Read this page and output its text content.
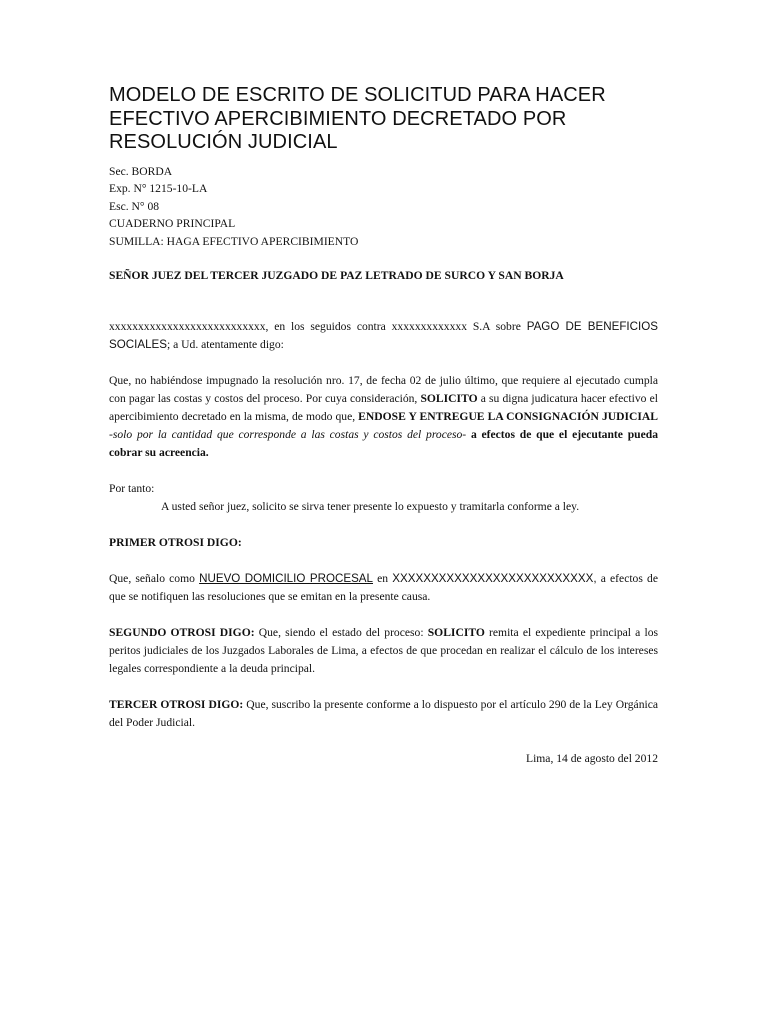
MODELO DE ESCRITO DE SOLICITUD PARA HACER EFECTIVO APERCIBIMIENTO DECRETADO POR RESOLUCIÓN JUDICIAL
Sec. BORDA
Exp. N° 1215-10-LA
Esc. N° 08
CUADERNO PRINCIPAL
SUMILLA: HAGA EFECTIVO APERCIBIMIENTO
SEÑOR JUEZ DEL TERCER JUZGADO DE PAZ LETRADO DE SURCO Y SAN BORJA

xxxxxxxxxxxxxxxxxxxxxxxxxxx, en los seguidos contra xxxxxxxxxxxxx S.A sobre PAGO DE BENEFICIOS SOCIALES; a Ud. atentamente digo:

Que, no habiéndose impugnado la resolución nro. 17, de fecha 02 de julio último, que requiere al ejecutado cumpla con pagar las costas y costos del proceso. Por cuya consideración, SOLICITO a su digna judicatura hacer efectivo el apercibimiento decretado en la misma, de modo que, ENDOSE Y ENTREGUE LA CONSIGNACIÓN JUDICIAL -solo por la cantidad que corresponde a las costas y costos del proceso- a efectos de que el ejecutante pueda cobrar su acreencia.

Por tanto:
A usted señor juez, solicito se sirva tener presente lo expuesto y tramitarla conforme a ley.
PRIMER OTROSI DIGO:

Que, señalo como NUEVO DOMICILIO PROCESAL en XXXXXXXXXXXXXXXXXXXXXXXXXX, a efectos de que se notifiquen las resoluciones que se emitan en la presente causa.

SEGUNDO OTROSI DIGO: Que, siendo el estado del proceso: SOLICITO remita el expediente principal a los peritos judiciales de los Juzgados Laborales de Lima, a efectos de que procedan en realizar el cálculo de los intereses legales correspondiente a la deuda principal.

TERCER OTROSI DIGO: Que, suscribo la presente conforme a lo dispuesto por el artículo 290 de la Ley Orgánica del Poder Judicial.

Lima, 14 de agosto del 2012
